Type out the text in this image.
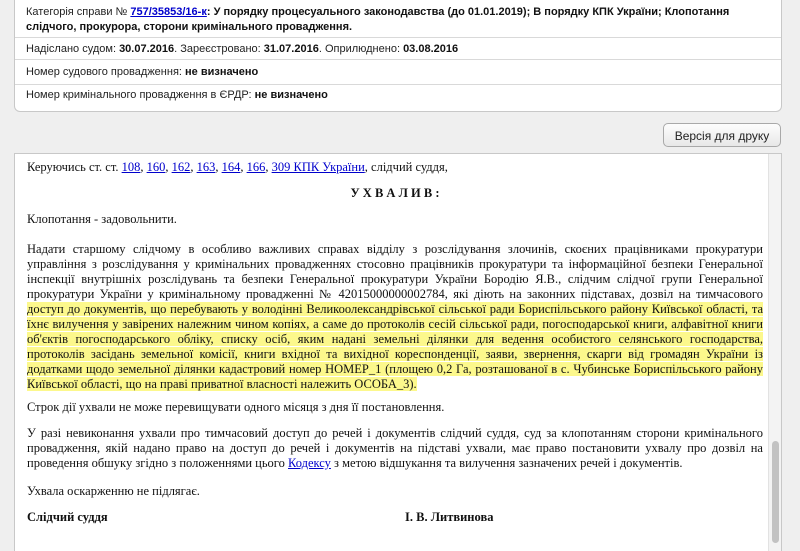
Категорія справи № 757/35853/16-к: У порядку процесуального законодавства (до 01.01.2019); В порядку КПК України; Клопотання слідчого, прокурора, сторони кримінального провадження.
Надіслано судом: 30.07.2016. Зареєстровано: 31.07.2016. Оприлюднено: 03.08.2016
Номер судового провадження: не визначено
Номер кримінального провадження в ЄРДР: не визначено
Версія для друку

Керуючись ст. ст. 108, 160, 162, 163, 164, 166, 309 КПК України, слідчий суддя,

У Х В А Л И В :

Клопотання - задовольнити.

Надати старшому слідчому в особливо важливих справах відділу з розслідування злочинів, скоєних працівниками прокуратури управління з розслідування у кримінальних провадженнях стосовно працівників прокуратури та інформаційної безпеки Генеральної інспекції внутрішніх розслідувань та безпеки Генеральної прокуратури України Бородію Я.В., слідчим слідчої групи Генеральної прокуратури України у кримінальному провадженні № 42015000000002784, які діють на законних підставах, дозвіл на тимчасового доступ до документів, що перебувають у володінні Великоолександрівської сільської ради Бориспільського району Київської області, та їхнє вилучення у завірених належним чином копіях, а саме до протоколів сесій сільської ради, погосподарської книги, алфавітної книги об'єктів погосподарського обліку, списку осіб, яким надані земельні ділянки для ведення особистого селянського господарства, протоколів засідань земельної комісії, книги вхідної та вихідної кореспонденції, заяви, звернення, скарги від громадян України із додатками щодо земельної ділянки кадастровий номер НОМЕР_1 (площею 0,2 Га, розташованої в с. Чубинське Бориспільського району Київської області, що на праві приватної власності належить ОСОБА_3).

Строк дії ухвали не може перевищувати одного місяця з дня її постановлення.

У разі невиконання ухвали про тимчасовий доступ до речей і документів слідчий суддя, суд за клопотанням сторони кримінального провадження, якій надано право на доступ до речей і документів на підставі ухвали, має право постановити ухвалу про дозвіл на проведення обшуку згідно з положеннями цього Кодексу з метою відшукання та вилучення зазначених речей і документів.

Ухвала оскарженню не підлягає.

Слідчий суддя	І. В. Литвинова
